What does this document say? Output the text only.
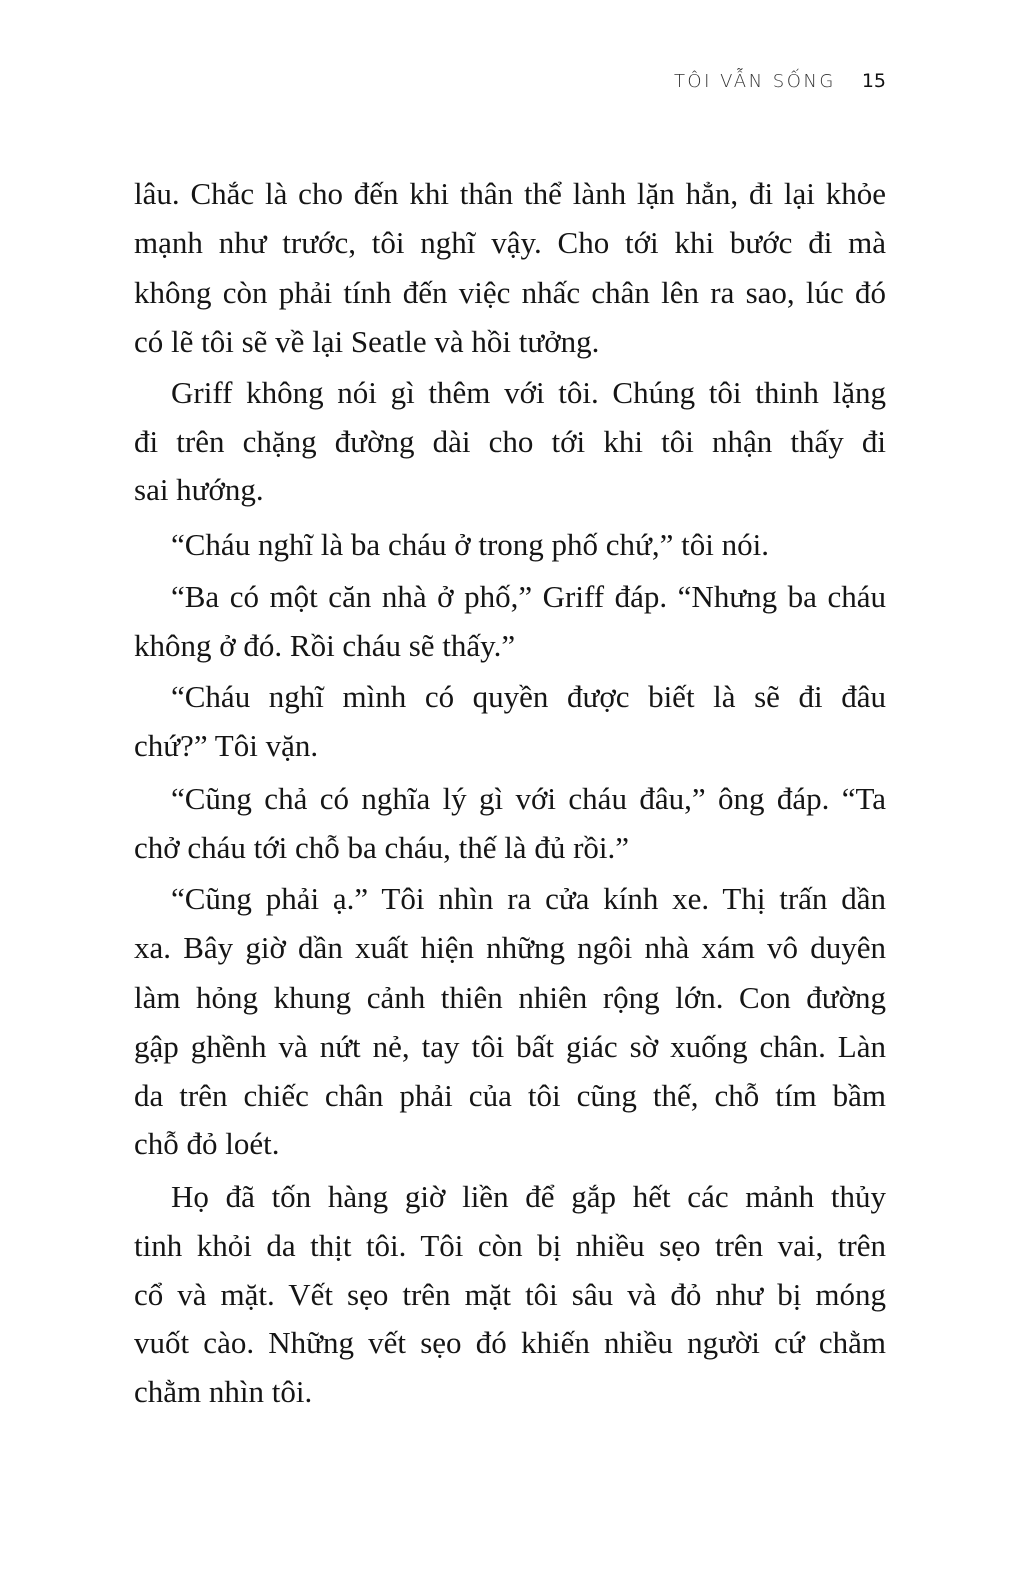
TÔI VẪN SỐNG 15
lâu. Chắc là cho đến khi thân thể lành lặn hẳn, đi lại khỏe
mạnh như trước, tôi nghĩ vậy. Cho tới khi bước đi mà
không còn phải tính đến việc nhấc chân lên ra sao, lúc đó
có lẽ tôi sẽ về lại Seatle và hồi tưởng.
Griff không nói gì thêm với tôi. Chúng tôi thinh lặng
đi trên chặng đường dài cho tới khi tôi nhận thấy đi
sai hướng.
“Cháu nghĩ là ba cháu ở trong phố chứ,” tôi nói.
“Ba có một căn nhà ở phố,” Griff đáp. “Nhưng ba cháu
không ở đó. Rồi cháu sẽ thấy.”
“Cháu nghĩ mình có quyền được biết là sẽ đi đâu
chứ?” Tôi vặn.
“Cũng chả có nghĩa lý gì với cháu đâu,” ông đáp. “Ta
chở cháu tới chỗ ba cháu, thế là đủ rồi.”
“Cũng phải ạ.” Tôi nhìn ra cửa kính xe. Thị trấn dần
xa. Bây giờ dần xuất hiện những ngôi nhà xám vô duyên
làm hỏng khung cảnh thiên nhiên rộng lớn. Con đường
gập ghềnh và nứt nẻ, tay tôi bất giác sờ xuống chân. Làn
da trên chiếc chân phải của tôi cũng thế, chỗ tím bầm
chỗ đỏ loét.
Họ đã tốn hàng giờ liền để gắp hết các mảnh thủy
tinh khỏi da thịt tôi. Tôi còn bị nhiều sẹo trên vai, trên
cổ và mặt. Vết sẹo trên mặt tôi sâu và đỏ như bị móng
vuốt cào. Những vết sẹo đó khiến nhiều người cứ chằm
chằm nhìn tôi.
